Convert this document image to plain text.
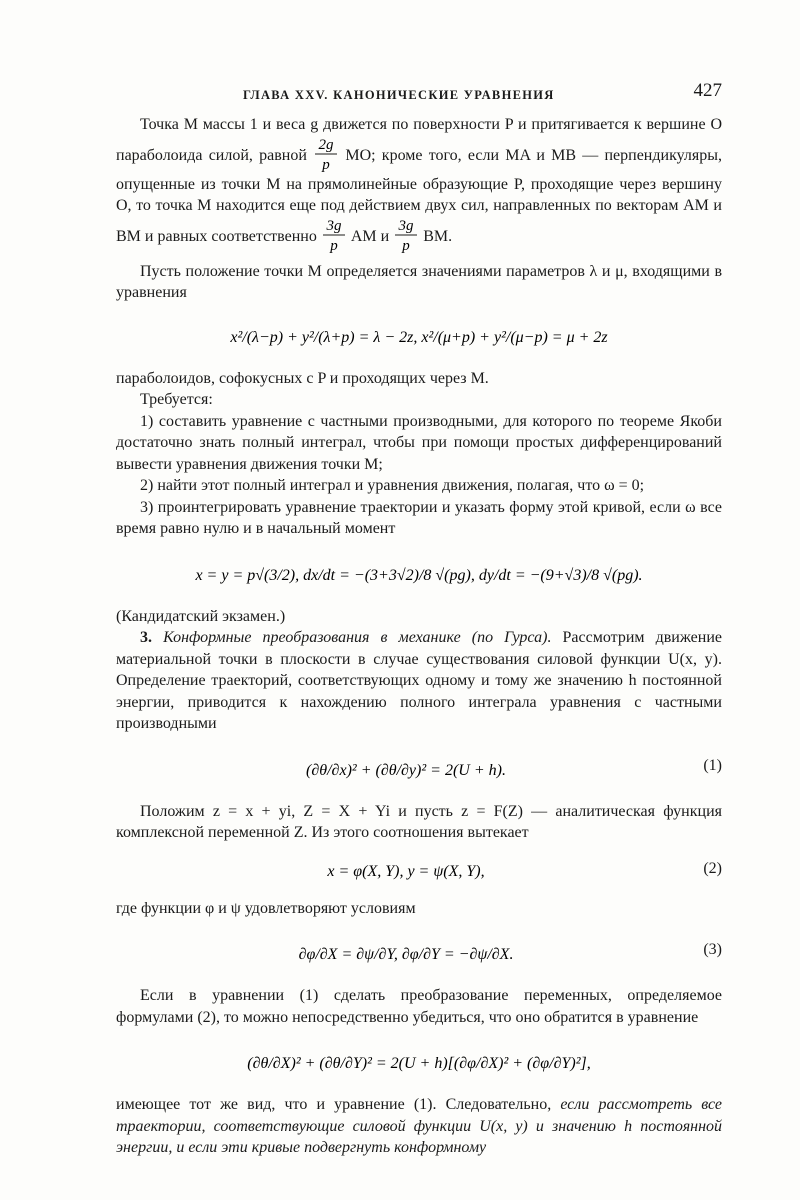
ГЛАВА XXV. КАНОНИЧЕСКИЕ УРАВНЕНИЯ	427

Точка M массы 1 и веса g движется по поверхности P и притягивается к вершине O параболоида силой, равной
2g
p
MO; кроме того, если MA и MB — перпендикуляры, опущенные из точки M на прямолинейные образующие P, проходящие через вершину O, то точка M находится еще под действием двух сил, направленных по векторам AM и BM и равных соответственно
3g
p
AM и
3g
p
BM.

Пусть положение точки M определяется значениями параметров λ и μ, входящими в уравнения

x²/(λ−p) + y²/(λ+p) = λ − 2z, x²/(μ+p) + y²/(μ−p) = μ + 2z

параболоидов, софокусных с P и проходящих через M.

Требуется:

1) составить уравнение с частными производными, для которого по теореме Якоби достаточно знать полный интеграл, чтобы при помощи простых дифференцирований вывести уравнения движения точки M;

2) найти этот полный интеграл и уравнения движения, полагая, что ω = 0;

3) проинтегрировать уравнение траектории и указать форму этой кривой, если ω все время равно нулю и в начальный момент

x = y = p√(3/2), dx/dt = −(3+3√2)/8 √(pg), dy/dt = −(9+√3)/8 √(pg).

(Кандидатский экзамен.)

3. Конформные преобразования в механике (по Гурса). Рассмотрим движение материальной точки в плоскости в случае существования силовой функции U(x, y). Определение траекторий, соответствующих одному и тому же значению h постоянной энергии, приводится к нахождению полного интеграла уравнения с частными производными

(∂θ/∂x)² + (∂θ/∂y)² = 2(U + h).	(1)

Положим z = x + yi, Z = X + Yi и пусть z = F(Z) — аналитическая функция комплексной переменной Z. Из этого соотношения вытекает

x = φ(X, Y), y = ψ(X, Y),	(2)

где функции φ и ψ удовлетворяют условиям

∂φ/∂X = ∂ψ/∂Y, ∂φ/∂Y = −∂ψ/∂X.	(3)

Если в уравнении (1) сделать преобразование переменных, определяемое формулами (2), то можно непосредственно убедиться, что оно обратится в уравнение

(∂θ/∂X)² + (∂θ/∂Y)² = 2(U + h)[(∂φ/∂X)² + (∂φ/∂Y)²],

имеющее тот же вид, что и уравнение (1). Следовательно, если рассмотреть все траектории, соответствующие силовой функции U(x, y) и значению h постоянной энергии, и если эти кривые подвергнуть конформному
